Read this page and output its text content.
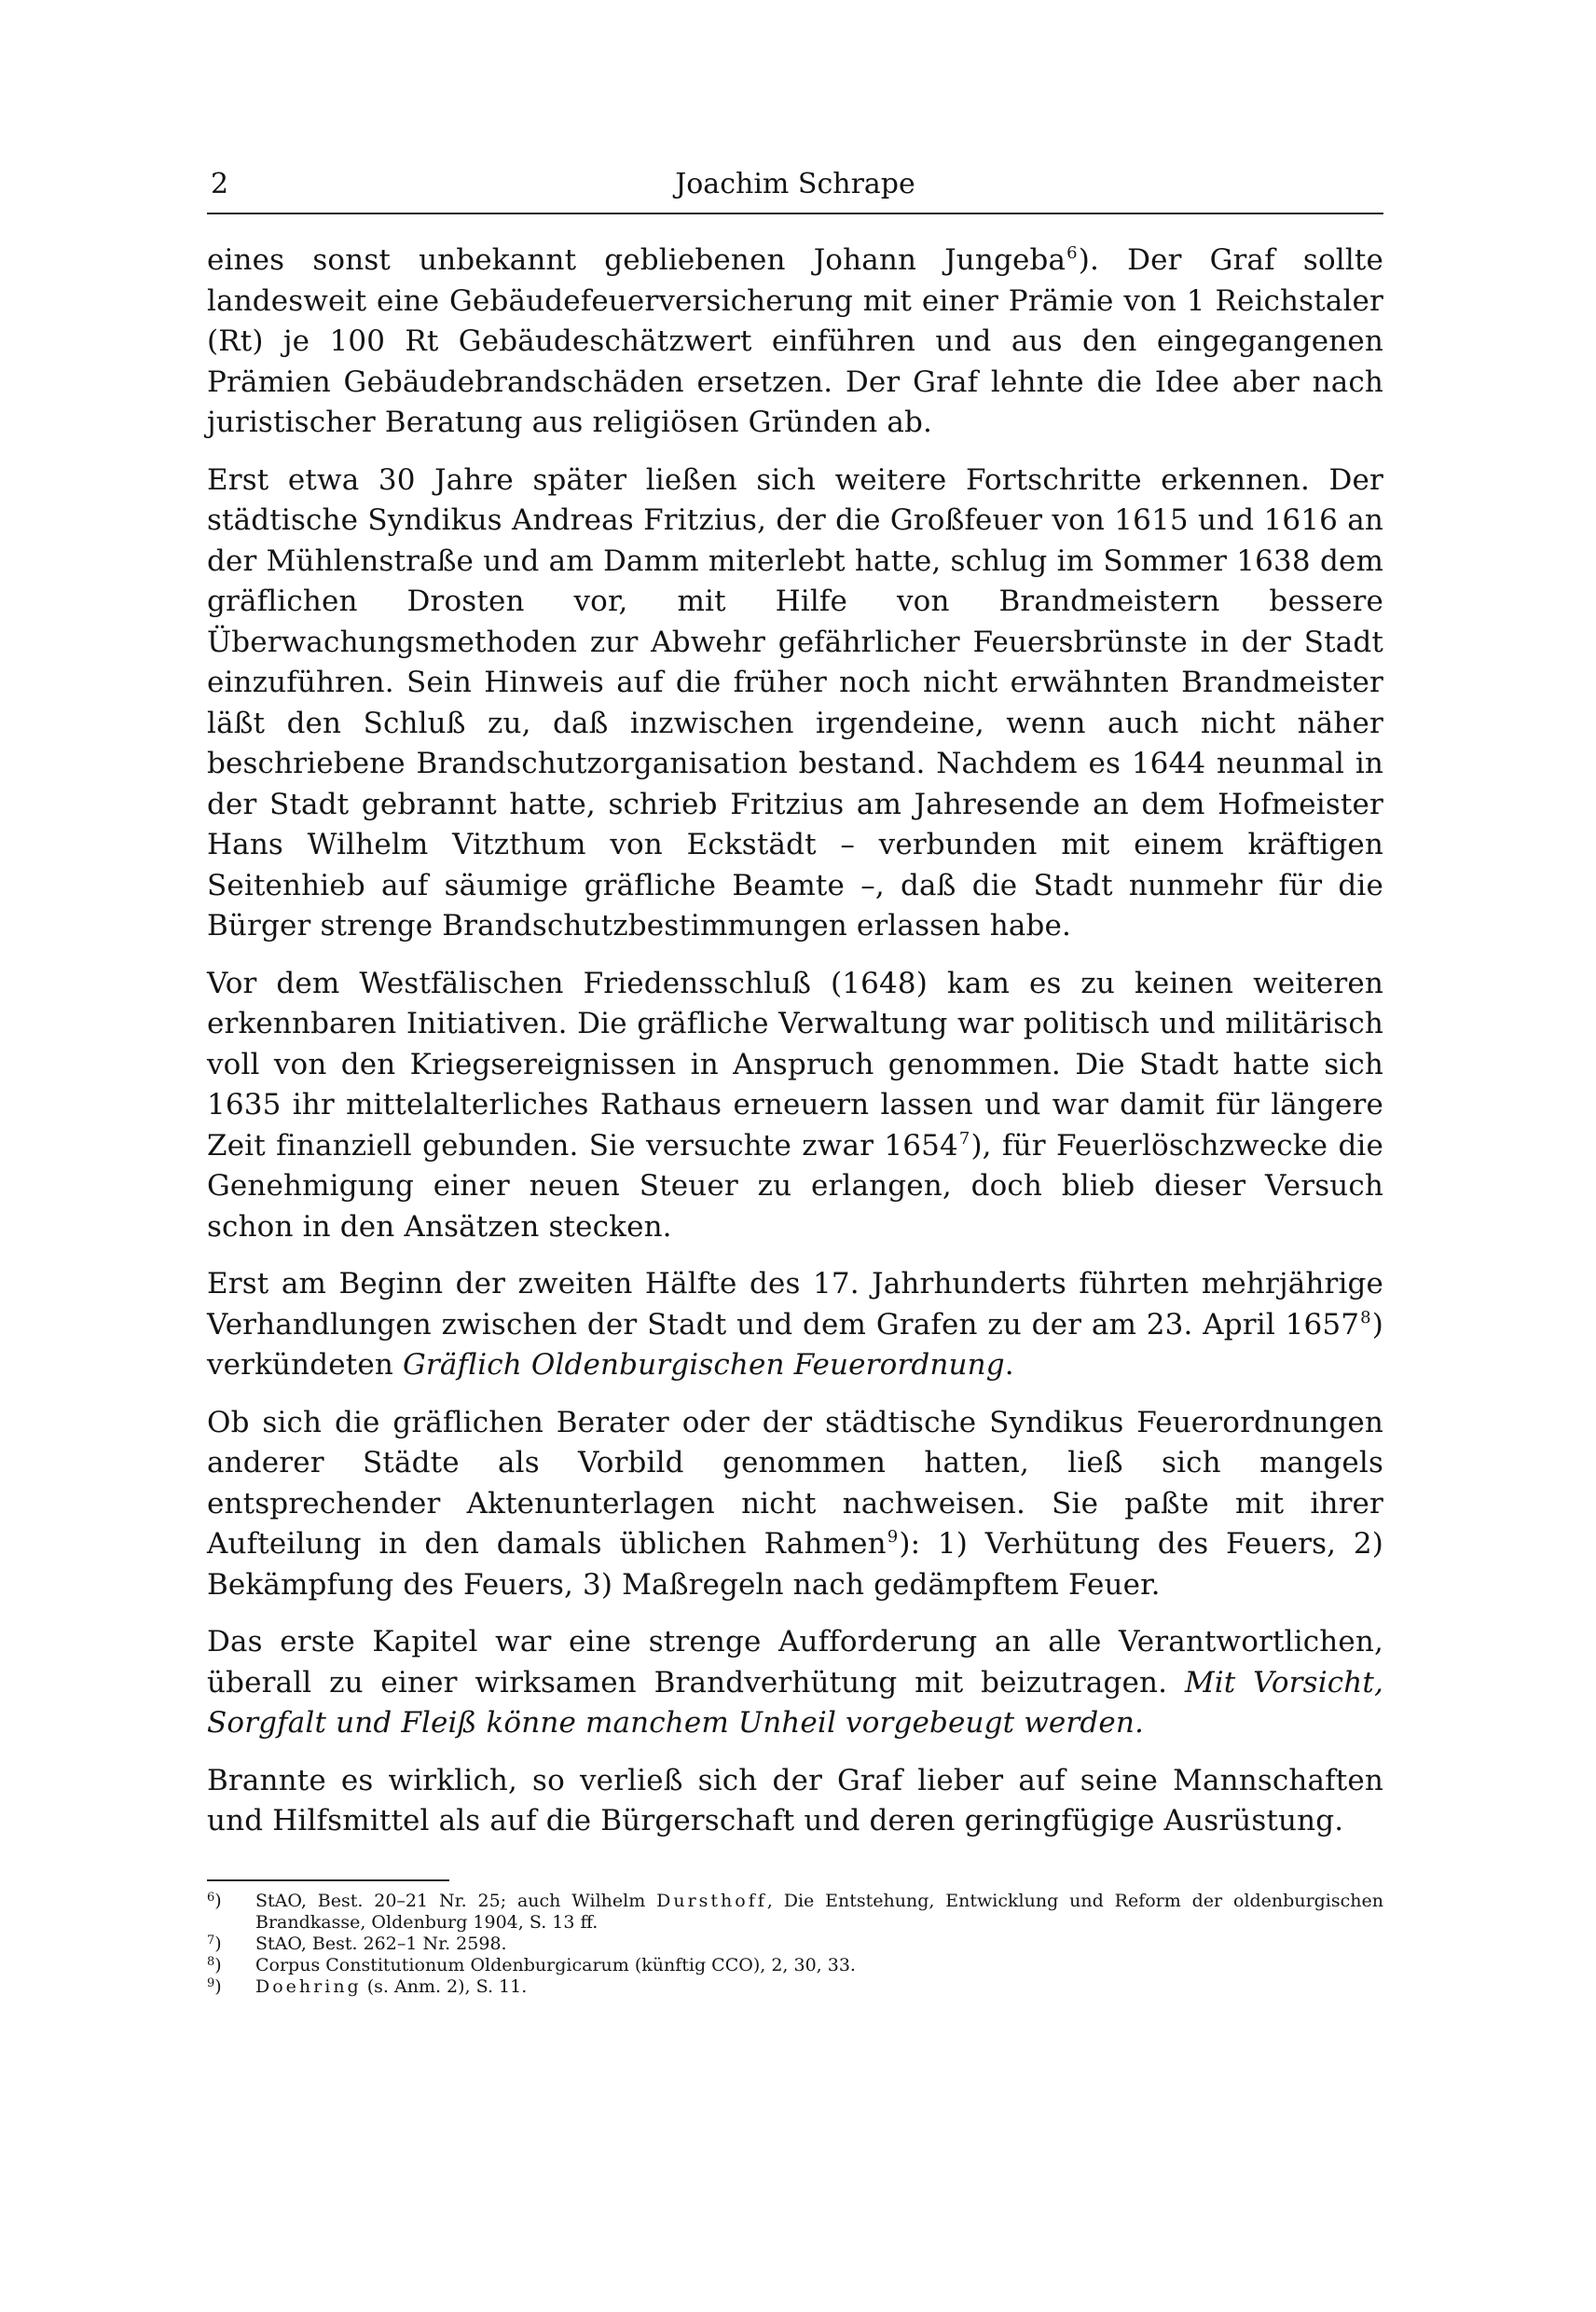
2	Joachim Schrape

eines sonst unbekannt gebliebenen Johann Jungeba$^6$). Der Graf sollte landesweit eine Gebäudefeuerversicherung mit einer Prämie von 1 Reichstaler (Rt) je 100 Rt Gebäudeschätzwert einführen und aus den eingegangenen Prämien Gebäudebrandschäden ersetzen. Der Graf lehnte die Idee aber nach juristischer Beratung aus religiösen Gründen ab.

Erst etwa 30 Jahre später ließen sich weitere Fortschritte erkennen. Der städtische Syndikus Andreas Fritzius, der die Großfeuer von 1615 und 1616 an der Mühlenstraße und am Damm miterlebt hatte, schlug im Sommer 1638 dem gräflichen Drosten vor, mit Hilfe von Brandmeistern bessere Überwachungsmethoden zur Abwehr gefährlicher Feuersbrünste in der Stadt einzuführen. Sein Hinweis auf die früher noch nicht erwähnten Brandmeister läßt den Schluß zu, daß inzwischen irgendeine, wenn auch nicht näher beschriebene Brandschutzorganisation bestand. Nachdem es 1644 neunmal in der Stadt gebrannt hatte, schrieb Fritzius am Jahresende an dem Hofmeister Hans Wilhelm Vitzthum von Eckstädt – verbunden mit einem kräftigen Seitenhieb auf säumige gräfliche Beamte –, daß die Stadt nunmehr für die Bürger strenge Brandschutzbestimmungen erlassen habe.

Vor dem Westfälischen Friedensschluß (1648) kam es zu keinen weiteren erkennbaren Initiativen. Die gräfliche Verwaltung war politisch und militärisch voll von den Kriegsereignissen in Anspruch genommen. Die Stadt hatte sich 1635 ihr mittelalterliches Rathaus erneuern lassen und war damit für längere Zeit finanziell gebunden. Sie versuchte zwar 1654$^7$), für Feuerlöschzwecke die Genehmigung einer neuen Steuer zu erlangen, doch blieb dieser Versuch schon in den Ansätzen stecken.

Erst am Beginn der zweiten Hälfte des 17. Jahrhunderts führten mehrjährige Verhandlungen zwischen der Stadt und dem Grafen zu der am 23. April 1657$^8$) verkündeten Gräflich Oldenburgischen Feuerordnung.

Ob sich die gräflichen Berater oder der städtische Syndikus Feuerordnungen anderer Städte als Vorbild genommen hatten, ließ sich mangels entsprechender Aktenunterlagen nicht nachweisen. Sie paßte mit ihrer Aufteilung in den damals üblichen Rahmen$^9$): 1) Verhütung des Feuers, 2) Bekämpfung des Feuers, 3) Maßregeln nach gedämpftem Feuer.

Das erste Kapitel war eine strenge Aufforderung an alle Verantwortlichen, überall zu einer wirksamen Brandverhütung mit beizutragen. Mit Vorsicht, Sorgfalt und Fleiß könne manchem Unheil vorgebeugt werden.

Brannte es wirklich, so verließ sich der Graf lieber auf seine Mannschaften und Hilfsmittel als auf die Bürgerschaft und deren geringfügige Ausrüstung.

$^6$) StAO, Best. 20–21 Nr. 25; auch Wilhelm Dursthoff, Die Entstehung, Entwicklung und Reform der oldenburgischen Brandkasse, Oldenburg 1904, S. 13 ff.
$^7$) StAO, Best. 262–1 Nr. 2598.
$^8$) Corpus Constitutionum Oldenburgicarum (künftig CCO), 2, 30, 33.
$^9$) Doehring (s. Anm. 2), S. 11.
